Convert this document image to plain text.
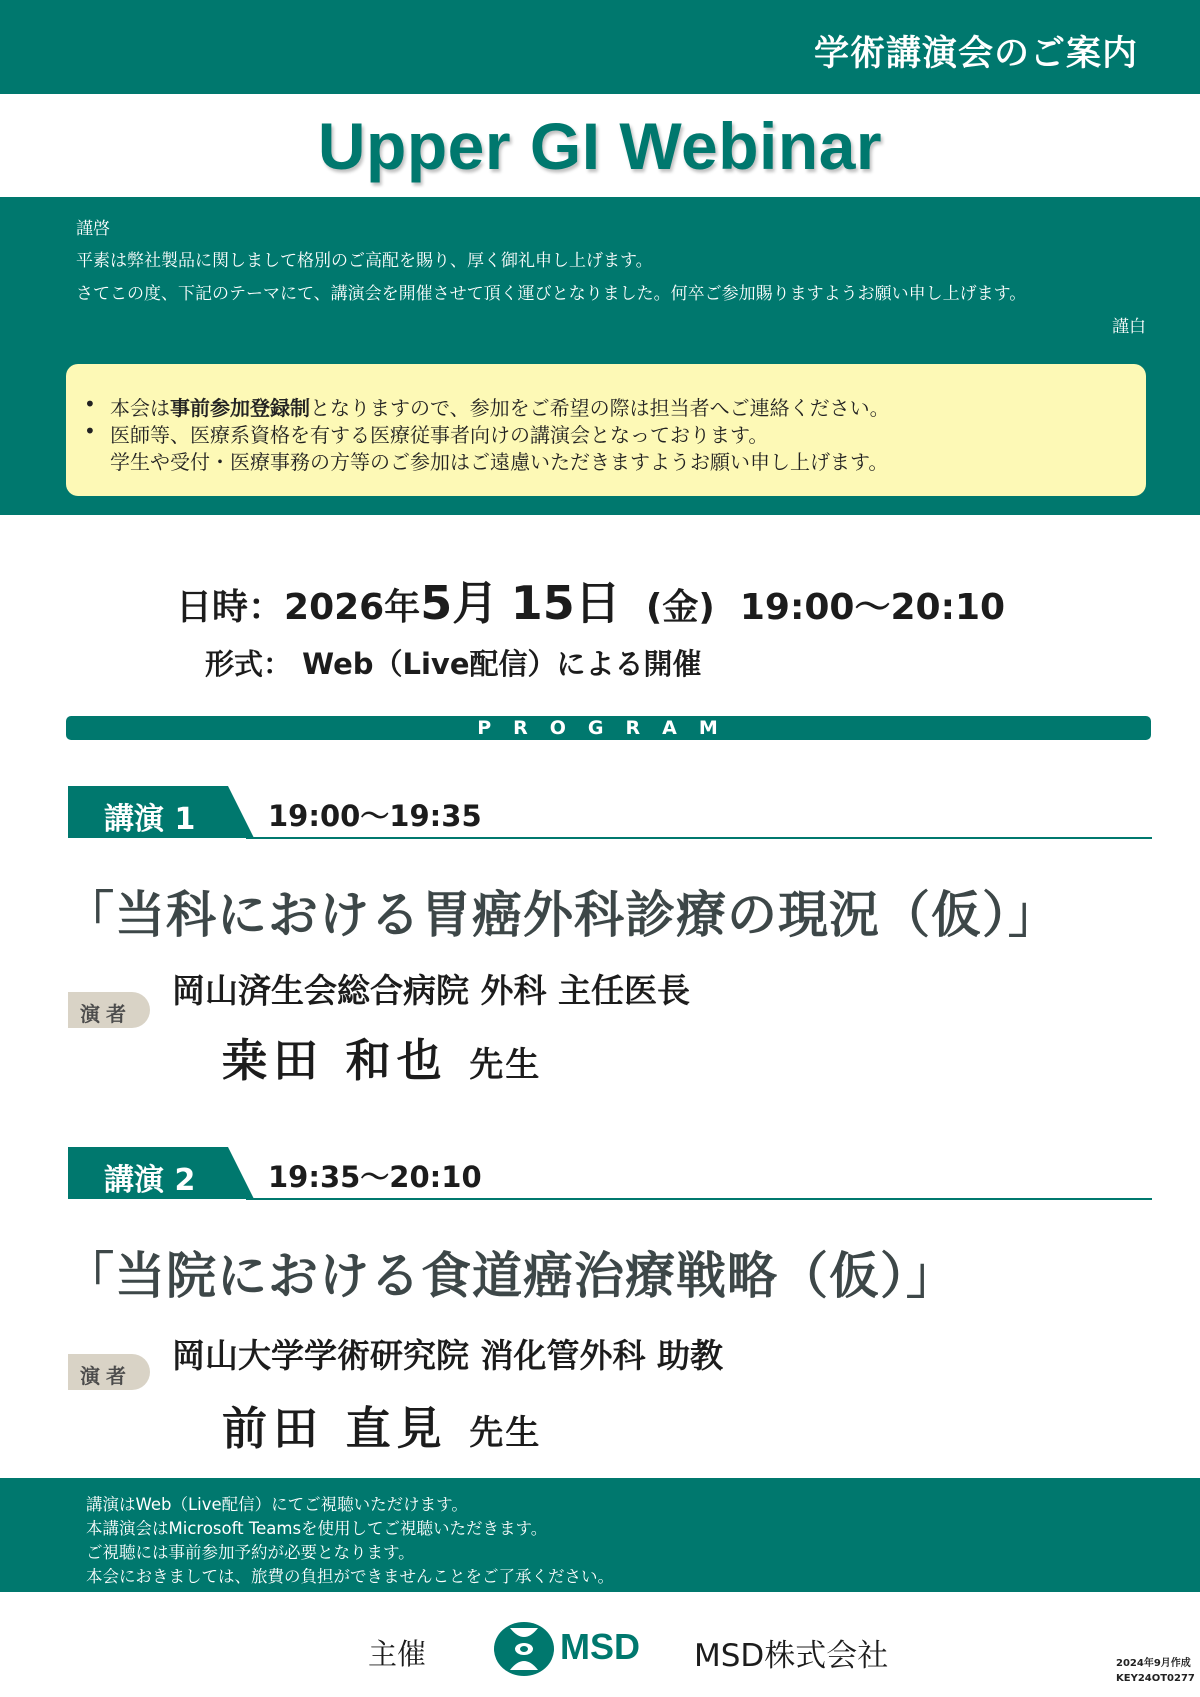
学術講演会のご案内
Upper GI Webinar
謹啓
平素は弊社製品に関しまして格別のご高配を賜り、厚く御礼申し上げます。
さてこの度、下記のテーマにて、講演会を開催させて頂く運びとなりました。何卒ご参加賜りますようお願い申し上げます。
謹白
• 本会は事前参加登録制となりますので、参加をご希望の際は担当者へご連絡ください。
• 医師等、医療系資格を有する医療従事者向けの講演会となっております。
学生や受付・医療事務の方等のご参加はご遠慮いただきますようお願い申し上げます。
日時：2026年5月 15日 (金) 19:00～20:10
形式： Web（Live配信）による開催
PROGRAM
講演 1	19:00～19:35
「当科における胃癌外科診療の現況（仮）」
演者
岡山済生会総合病院 外科 主任医長
桒田 和也 先生
講演 2	19:35～20:10
「当院における食道癌治療戦略（仮）」
演者
岡山大学学術研究院 消化管外科 助教
前田 直見 先生
講演はWeb（Live配信）にてご視聴いただけます。
本講演会はMicrosoft Teamsを使用してご視聴いただきます。
ご視聴には事前参加予約が必要となります。
本会におきましては、旅費の負担ができませんことをご了承ください。
主催	MSD MSD株式会社	2024年9月作成
KEY24OT0277
